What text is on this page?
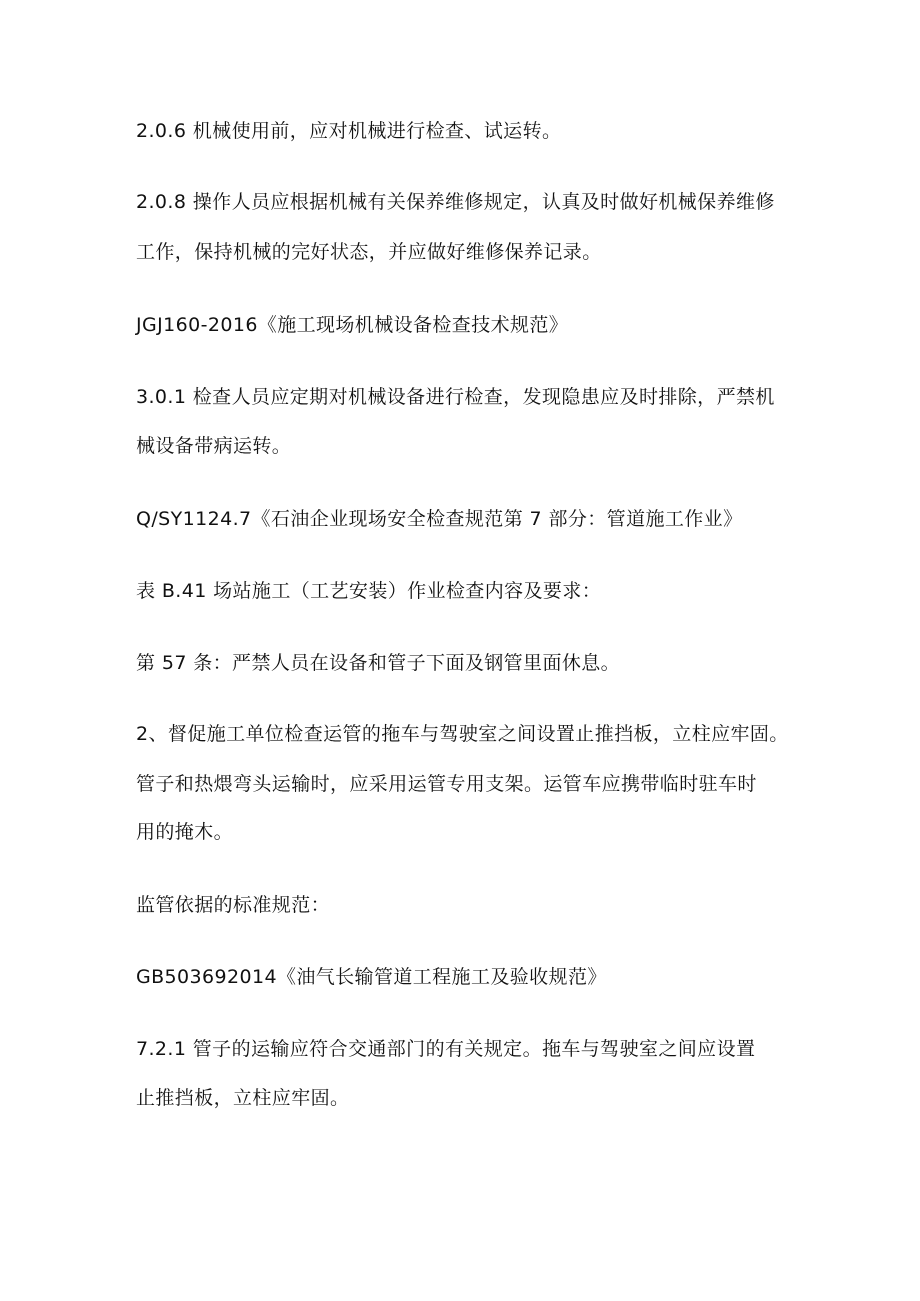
2.0.6 机械使用前，应对机械进行检查、试运转。
2.0.8 操作人员应根据机械有关保养维修规定，认真及时做好机械保养维修
工作，保持机械的完好状态，并应做好维修保养记录。
JGJ160-2016《施工现场机械设备检查技术规范》
3.0.1 检查人员应定期对机械设备进行检查，发现隐患应及时排除，严禁机
械设备带病运转。
Q/SY1124.7《石油企业现场安全检查规范第 7 部分：管道施工作业》
表 B.41 场站施工（工艺安装）作业检查内容及要求：
第 57 条：严禁人员在设备和管子下面及钢管里面休息。
2、督促施工单位检查运管的拖车与驾驶室之间设置止推挡板，立柱应牢固。
管子和热煨弯头运输时，应采用运管专用支架。运管车应携带临时驻车时
用的掩木。
监管依据的标准规范：
GB503692014《油气长输管道工程施工及验收规范》
7.2.1 管子的运输应符合交通部门的有关规定。拖车与驾驶室之间应设置
止推挡板，立柱应牢固。
